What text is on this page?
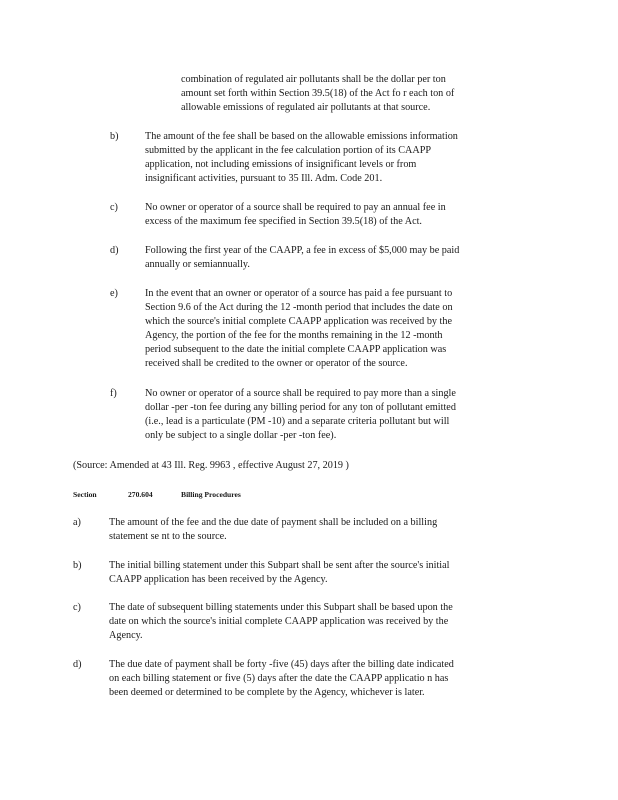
combination of regulated air pollutants shall be the dollar per ton
amount set forth within Section 39.5(18) of the Act fo r each ton of
allowable emissions of regulated air pollutants at that source.
b)	The amount of the fee shall be based on the allowable emissions information
submitted by the applicant in the fee calculation portion of its CAAPP
application, not including emissions of insignificant levels or from
insignificant activities, pursuant to 35 Ill. Adm. Code 201.
c)	No owner or operator of a source shall be required to pay an annual fee in
excess of the maximum fee specified in Section 39.5(18) of the Act.
d)	Following the first year of the CAAPP, a fee in excess of $5,000 may be paid
annually or semiannually.
e)	In the event that an owner or operator of a source has paid a fee pursuant to
Section 9.6 of the Act during the 12 -month period that includes the date on
which the source's initial complete CAAPP application was received by the
Agency, the portion of the fee for the months remaining in the 12 -month
period subsequent to the date the initial complete CAAPP application was
received shall be credited to the owner or operator of the source.
f)	No owner or operator of a source shall be required to pay more than a single
dollar -per -ton fee during any billing period for any ton of pollutant emitted
(i.e., lead is a particulate (PM -10) and a separate criteria pollutant but will
only be subject to a single dollar -per -ton fee).
(Source: Amended at 43 Ill. Reg. 9963 , effective August 27, 2019 )
Section	270.604	Billing Procedures
a)	The amount of the fee and the due date of payment shall be included on a billing
statement se nt to the source.
b)	The initial billing statement under this Subpart shall be sent after the source's initial
CAAPP application has been received by the Agency.
c)	The date of subsequent billing statements under this Subpart shall be based upon the
date on which the source's initial complete CAAPP application was received by the
Agency.
d)	The due date of payment shall be forty -five (45) days after the billing date indicated
on each billing statement or five (5) days after the date the CAAPP applicatio n has
been deemed or determined to be complete by the Agency, whichever is later.
